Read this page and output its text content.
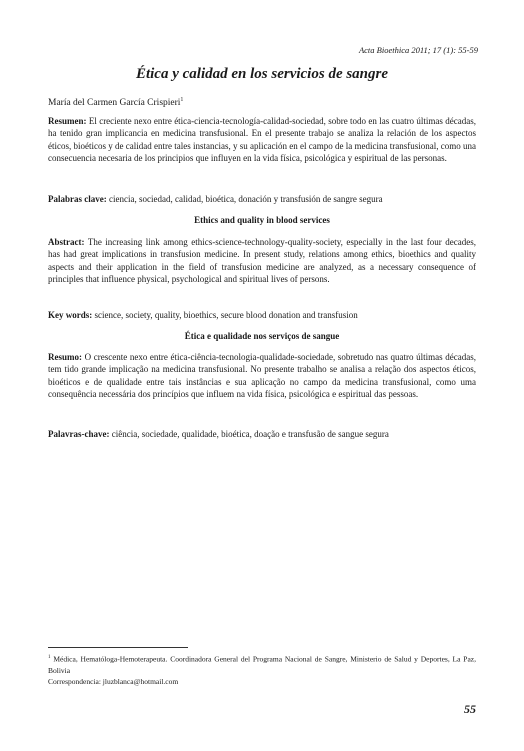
Acta Bioethica 2011; 17 (1): 55-59
Ética y calidad en los servicios de sangre
María del Carmen García Crispieri$^1$
Resumen: El creciente nexo entre ética-ciencia-tecnología-calidad-sociedad, sobre todo en las cuatro últimas décadas, ha tenido gran implicancia en medicina transfusional. En el presente trabajo se analiza la relación de los aspectos éticos, bioéticos y de calidad entre tales instancias, y su aplicación en el campo de la medicina transfusional, como una consecuencia necesaria de los principios que influyen en la vida física, psicológica y espiritual de las personas.
Palabras clave: ciencia, sociedad, calidad, bioética, donación y transfusión de sangre segura
Ethics and quality in blood services
Abstract: The increasing link among ethics-science-technology-quality-society, especially in the last four decades, has had great implications in transfusion medicine. In present study, relations among ethics, bioethics and quality aspects and their application in the field of transfusion medicine are analyzed, as a necessary consequence of principles that influence physical, psychological and spiritual lives of persons.
Key words: science, society, quality, bioethics, secure blood donation and transfusion
Ética e qualidade nos serviços de sangue
Resumo: O crescente nexo entre ética-ciência-tecnologia-qualidade-sociedade, sobretudo nas quatro últimas décadas, tem tido grande implicação na medicina transfusional. No presente trabalho se analisa a relação dos aspectos éticos, bioéticos e de qualidade entre tais instâncias e sua aplicação no campo da medicina transfusional, como uma consequência necessária dos princípios que influem na vida física, psicológica e espiritual das pessoas.
Palavras-chave: ciência, sociedade, qualidade, bioética, doação e transfusão de sangue segura
$^1$ Médica, Hematóloga-Hemoterapeuta. Coordinadora General del Programa Nacional de Sangre, Ministerio de Salud y Deportes, La Paz, Bolivia
Correspondencia: jluzblanca@hotmail.com
55
